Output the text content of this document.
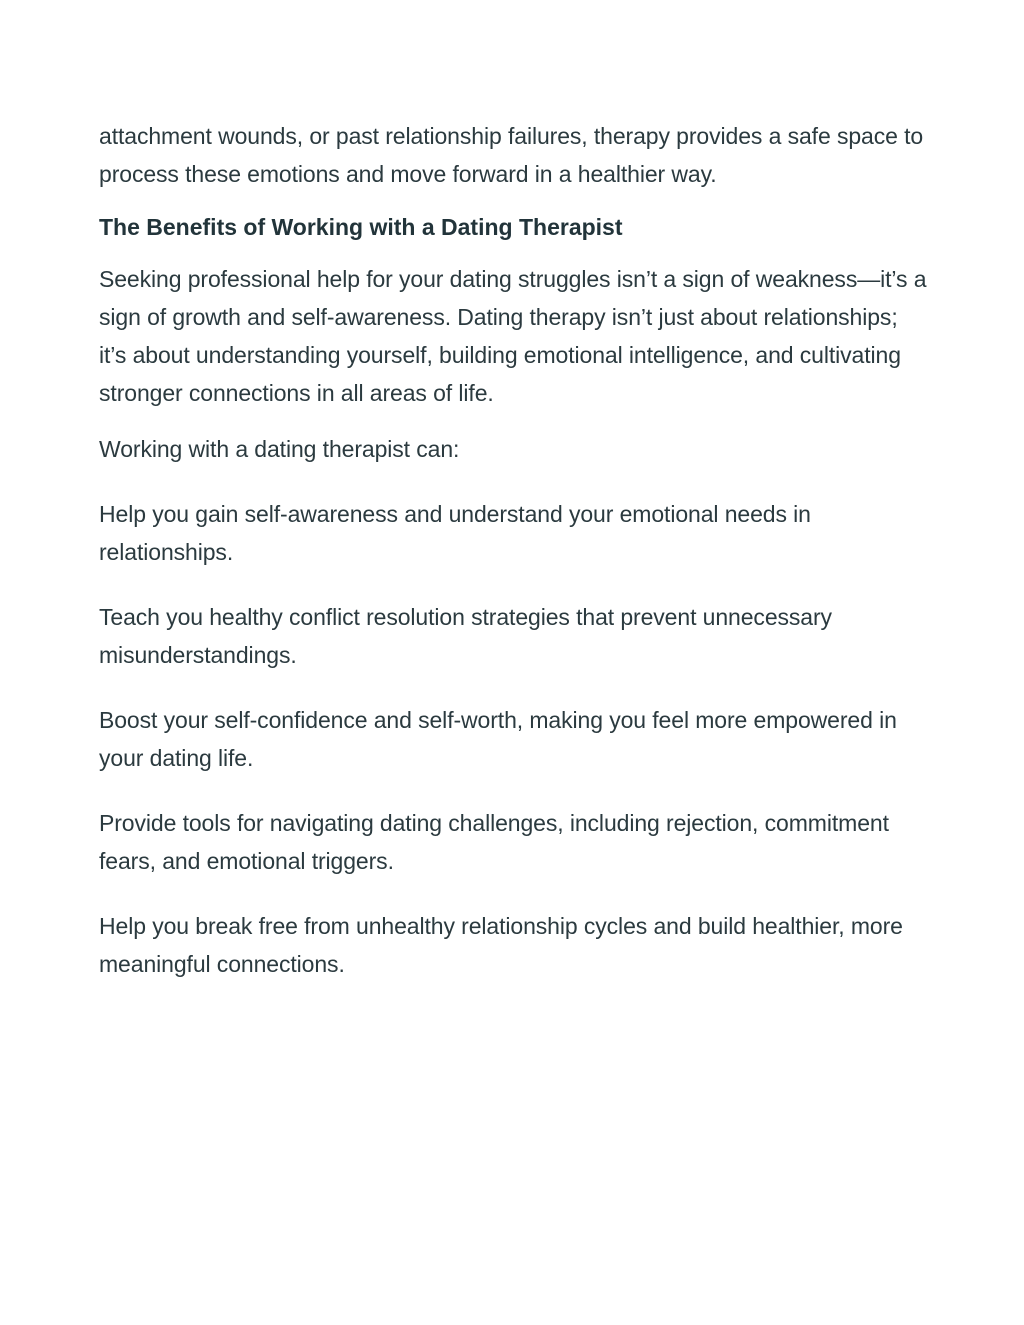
attachment wounds, or past relationship failures, therapy provides a safe space to process these emotions and move forward in a healthier way.

The Benefits of Working with a Dating Therapist

Seeking professional help for your dating struggles isn’t a sign of weakness—it’s a sign of growth and self-awareness. Dating therapy isn’t just about relationships; it’s about understanding yourself, building emotional intelligence, and cultivating stronger connections in all areas of life.

Working with a dating therapist can:

Help you gain self-awareness and understand your emotional needs in relationships.

Teach you healthy conflict resolution strategies that prevent unnecessary misunderstandings.

Boost your self-confidence and self-worth, making you feel more empowered in your dating life.

Provide tools for navigating dating challenges, including rejection, commitment fears, and emotional triggers.

Help you break free from unhealthy relationship cycles and build healthier, more meaningful connections.
